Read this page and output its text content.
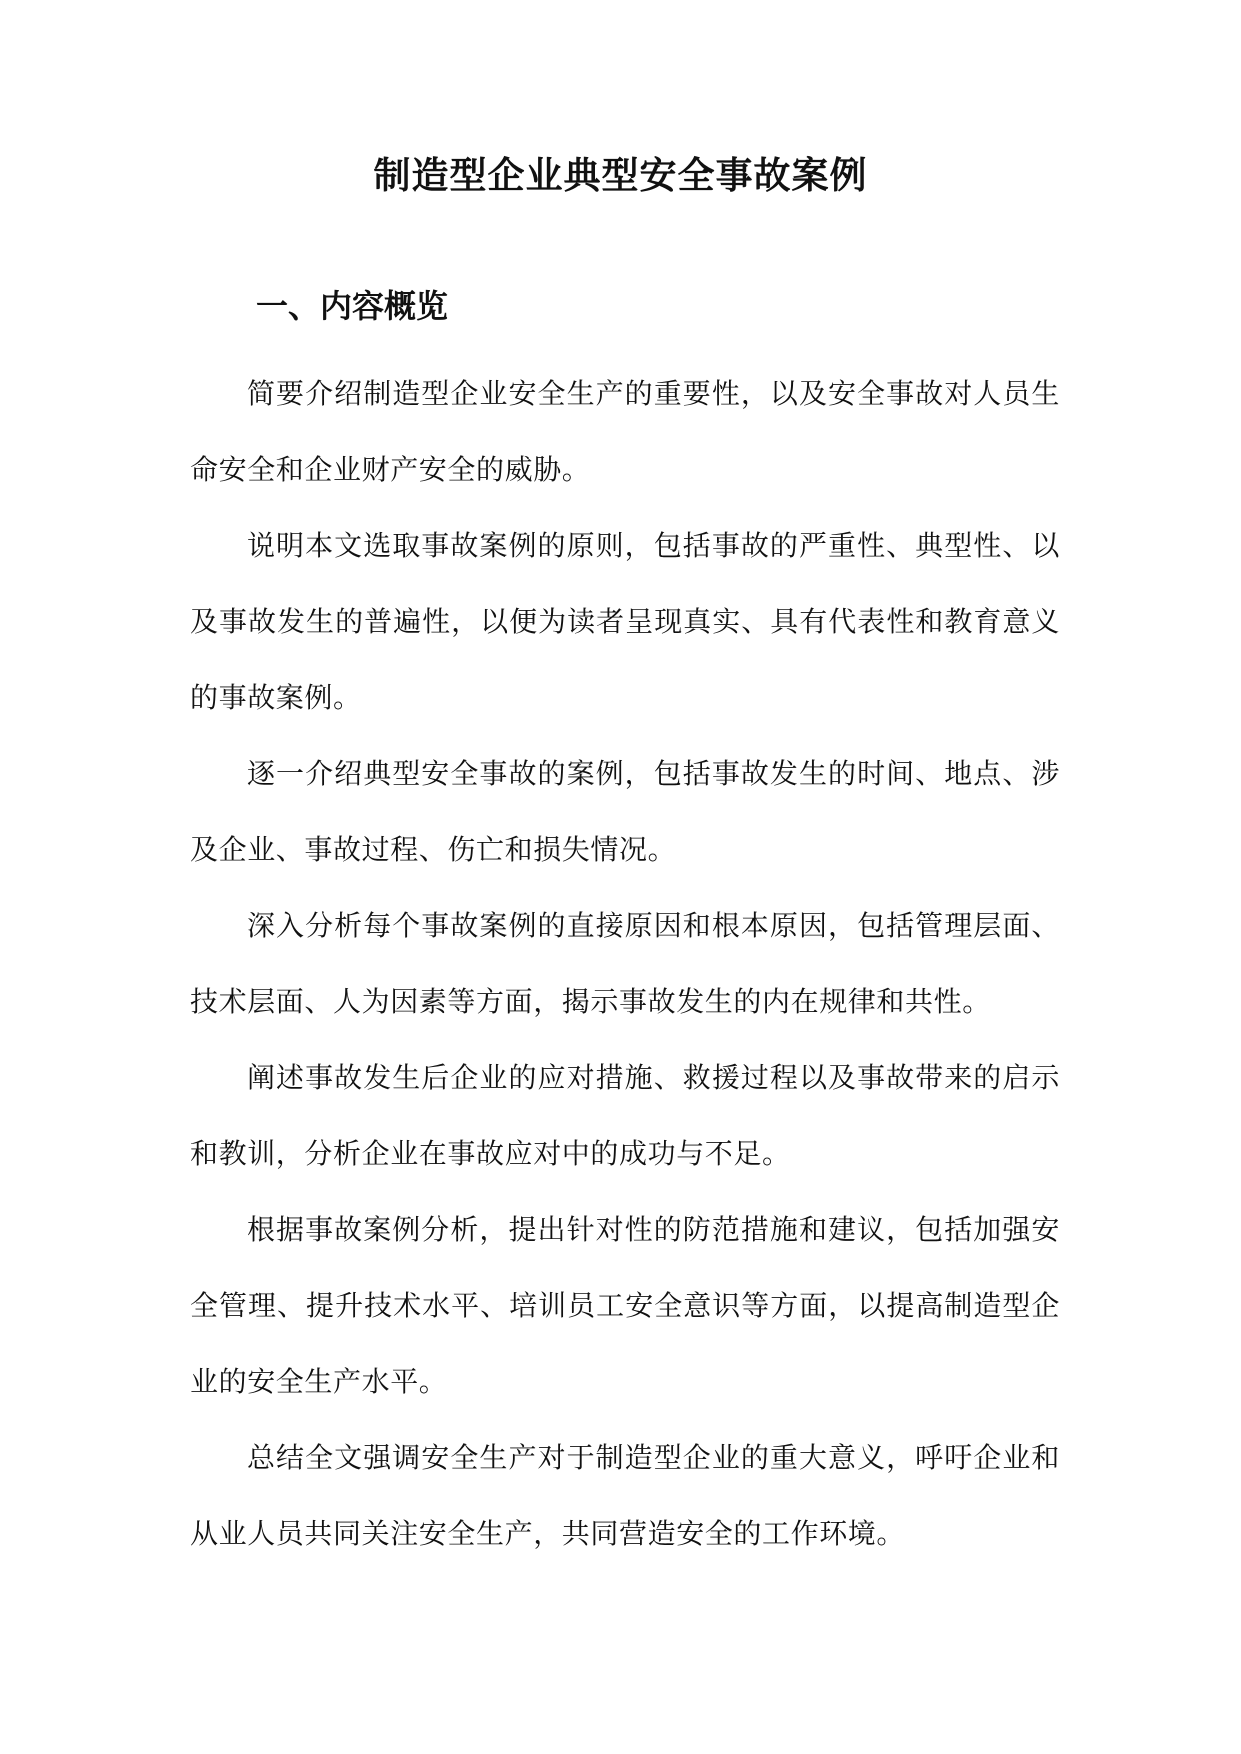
制造型企业典型安全事故案例
一、内容概览

简要介绍制造型企业安全生产的重要性，以及安全事故对人员生命安全和企业财产安全的威胁。

说明本文选取事故案例的原则，包括事故的严重性、典型性、以及事故发生的普遍性，以便为读者呈现真实、具有代表性和教育意义的事故案例。

逐一介绍典型安全事故的案例，包括事故发生的时间、地点、涉及企业、事故过程、伤亡和损失情况。

深入分析每个事故案例的直接原因和根本原因，包括管理层面、技术层面、人为因素等方面，揭示事故发生的内在规律和共性。

阐述事故发生后企业的应对措施、救援过程以及事故带来的启示和教训，分析企业在事故应对中的成功与不足。

根据事故案例分析，提出针对性的防范措施和建议，包括加强安全管理、提升技术水平、培训员工安全意识等方面，以提高制造型企业的安全生产水平。

总结全文强调安全生产对于制造型企业的重大意义，呼吁企业和从业人员共同关注安全生产，共同营造安全的工作环境。
